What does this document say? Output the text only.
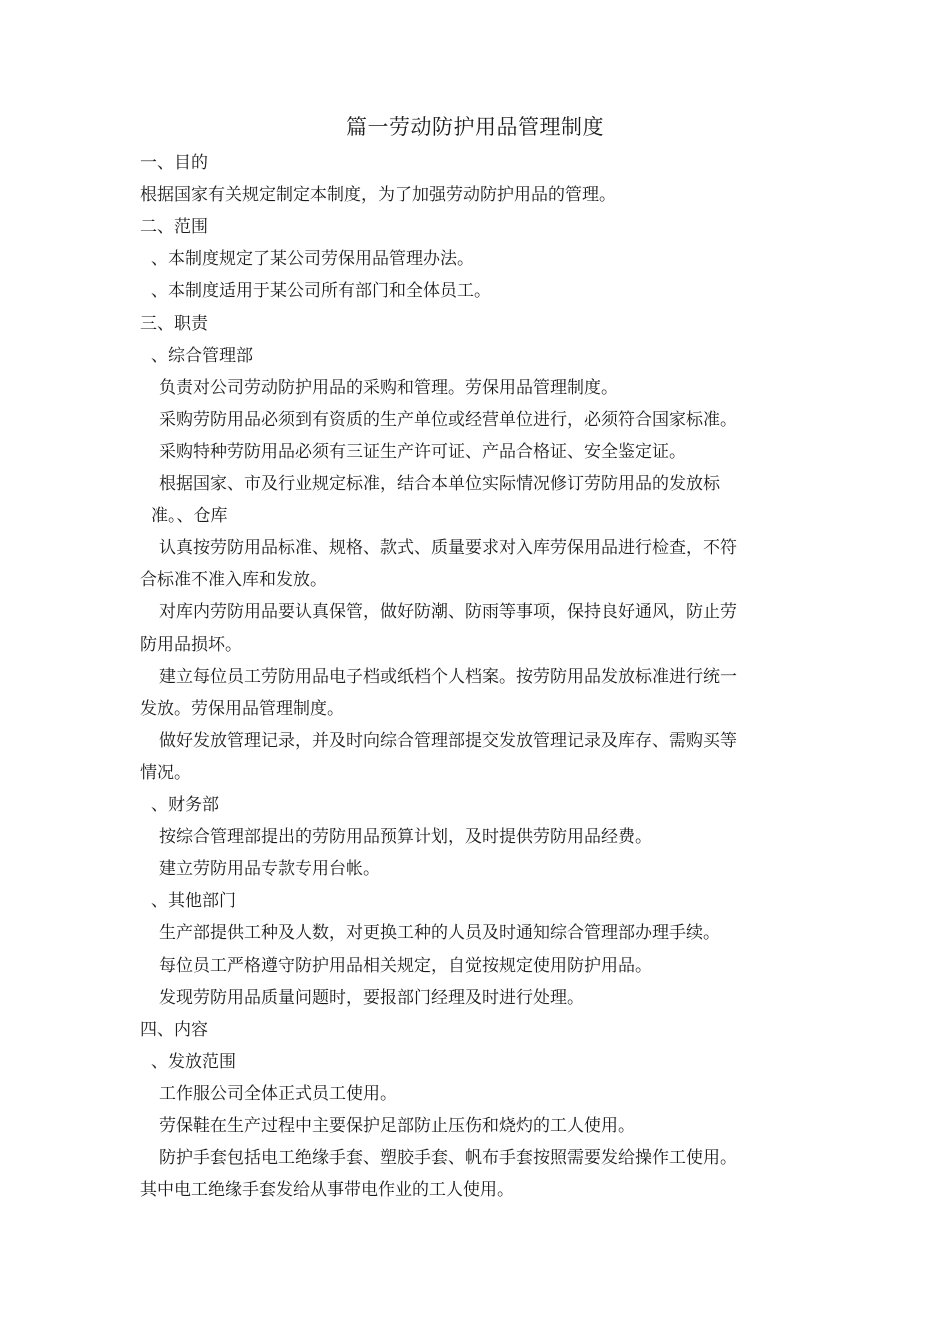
篇一劳动防护用品管理制度
一、目的
根据国家有关规定制定本制度，为了加强劳动防护用品的管理。
二、范围
、本制度规定了某公司劳保用品管理办法。
、本制度适用于某公司所有部门和全体员工。
三、职责
、综合管理部
负责对公司劳动防护用品的采购和管理。劳保用品管理制度。
采购劳防用品必须到有资质的生产单位或经营单位进行，必须符合国家标准。
采购特种劳防用品必须有三证生产许可证、产品合格证、安全鉴定证。
根据国家、市及行业规定标准，结合本单位实际情况修订劳防用品的发放标
准。、仓库
认真按劳防用品标准、规格、款式、质量要求对入库劳保用品进行检查，不符
合标准不准入库和发放。
对库内劳防用品要认真保管，做好防潮、防雨等事项，保持良好通风，防止劳
防用品损坏。
建立每位员工劳防用品电子档或纸档个人档案。按劳防用品发放标准进行统一
发放。劳保用品管理制度。
做好发放管理记录，并及时向综合管理部提交发放管理记录及库存、需购买等
情况。
、财务部
按综合管理部提出的劳防用品预算计划，及时提供劳防用品经费。
建立劳防用品专款专用台帐。
、其他部门
生产部提供工种及人数，对更换工种的人员及时通知综合管理部办理手续。
每位员工严格遵守防护用品相关规定，自觉按规定使用防护用品。
发现劳防用品质量问题时，要报部门经理及时进行处理。
四、内容
、发放范围
工作服公司全体正式员工使用。
劳保鞋在生产过程中主要保护足部防止压伤和烧灼的工人使用。
防护手套包括电工绝缘手套、塑胶手套、帆布手套按照需要发给操作工使用。
其中电工绝缘手套发给从事带电作业的工人使用。
